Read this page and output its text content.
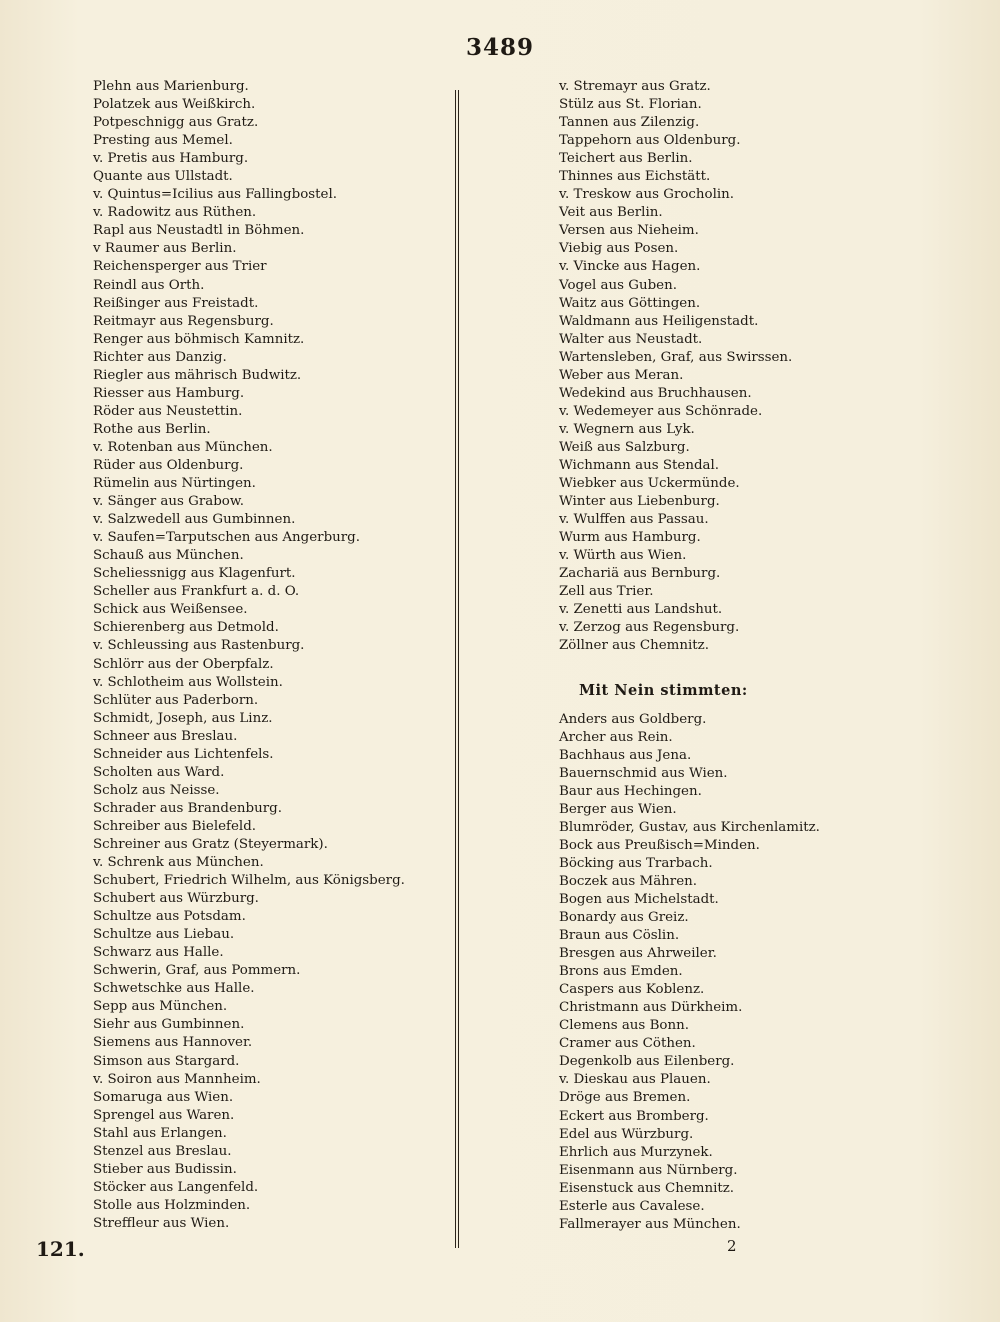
3489
Plehn aus Marienburg.
Polatzek aus Weißkirch.
Potpeschnigg aus Gratz.
Presting aus Memel.
v. Pretis aus Hamburg.
Quante aus Ullstadt.
v. Quintus=Icilius aus Fallingbostel.
v. Radowitz aus Rüthen.
Rapl aus Neustadtl in Böhmen.
v Raumer aus Berlin.
Reichensperger aus Trier
Reindl aus Orth.
Reißinger aus Freistadt.
Reitmayr aus Regensburg.
Renger aus böhmisch Kamnitz.
Richter aus Danzig.
Riegler aus mährisch Budwitz.
Riesser aus Hamburg.
Röder aus Neustettin.
Rothe aus Berlin.
v. Rotenban aus München.
Rüder aus Oldenburg.
Rümelin aus Nürtingen.
v. Sänger aus Grabow.
v. Salzwedell aus Gumbinnen.
v. Saufen=Tarputschen aus Angerburg.
Schauß aus München.
Scheliessnigg aus Klagenfurt.
Scheller aus Frankfurt a. d. O.
Schick aus Weißensee.
Schierenberg aus Detmold.
v. Schleussing aus Rastenburg.
Schlörr aus der Oberpfalz.
v. Schlotheim aus Wollstein.
Schlüter aus Paderborn.
Schmidt, Joseph, aus Linz.
Schneer aus Breslau.
Schneider aus Lichtenfels.
Scholten aus Ward.
Scholz aus Neisse.
Schrader aus Brandenburg.
Schreiber aus Bielefeld.
Schreiner aus Gratz (Steyermark).
v. Schrenk aus München.
Schubert, Friedrich Wilhelm, aus Königsberg.
Schubert aus Würzburg.
Schultze aus Potsdam.
Schultze aus Liebau.
Schwarz aus Halle.
Schwerin, Graf, aus Pommern.
Schwetschke aus Halle.
Sepp aus München.
Siehr aus Gumbinnen.
Siemens aus Hannover.
Simson aus Stargard.
v. Soiron aus Mannheim.
Somaruga aus Wien.
Sprengel aus Waren.
Stahl aus Erlangen.
Stenzel aus Breslau.
Stieber aus Budissin.
Stöcker aus Langenfeld.
Stolle aus Holzminden.
Streffleur aus Wien.
v. Stremayr aus Gratz.
Stülz aus St. Florian.
Tannen aus Zilenzig.
Tappehorn aus Oldenburg.
Teichert aus Berlin.
Thinnes aus Eichstätt.
v. Treskow aus Grocholin.
Veit aus Berlin.
Versen aus Nieheim.
Viebig aus Posen.
v. Vincke aus Hagen.
Vogel aus Guben.
Waitz aus Göttingen.
Waldmann aus Heiligenstadt.
Walter aus Neustadt.
Wartensleben, Graf, aus Swirssen.
Weber aus Meran.
Wedekind aus Bruchhausen.
v. Wedemeyer aus Schönrade.
v. Wegnern aus Lyk.
Weiß aus Salzburg.
Wichmann aus Stendal.
Wiebker aus Uckermünde.
Winter aus Liebenburg.
v. Wulffen aus Passau.
Wurm aus Hamburg.
v. Würth aus Wien.
Zachariä aus Bernburg.
Zell aus Trier.
v. Zenetti aus Landshut.
v. Zerzog aus Regensburg.
Zöllner aus Chemnitz.
Mit Nein stimmten:
Anders aus Goldberg.
Archer aus Rein.
Bachhaus aus Jena.
Bauernschmid aus Wien.
Baur aus Hechingen.
Berger aus Wien.
Blumröder, Gustav, aus Kirchenlamitz.
Bock aus Preußisch=Minden.
Böcking aus Trarbach.
Boczek aus Mähren.
Bogen aus Michelstadt.
Bonardy aus Greiz.
Braun aus Cöslin.
Bresgen aus Ahrweiler.
Brons aus Emden.
Caspers aus Koblenz.
Christmann aus Dürkheim.
Clemens aus Bonn.
Cramer aus Cöthen.
Degenkolb aus Eilenberg.
v. Dieskau aus Plauen.
Dröge aus Bremen.
Eckert aus Bromberg.
Edel aus Würzburg.
Ehrlich aus Murzynek.
Eisenmann aus Nürnberg.
Eisenstuck aus Chemnitz.
Esterle aus Cavalese.
Fallmerayer aus München.
121.	2
